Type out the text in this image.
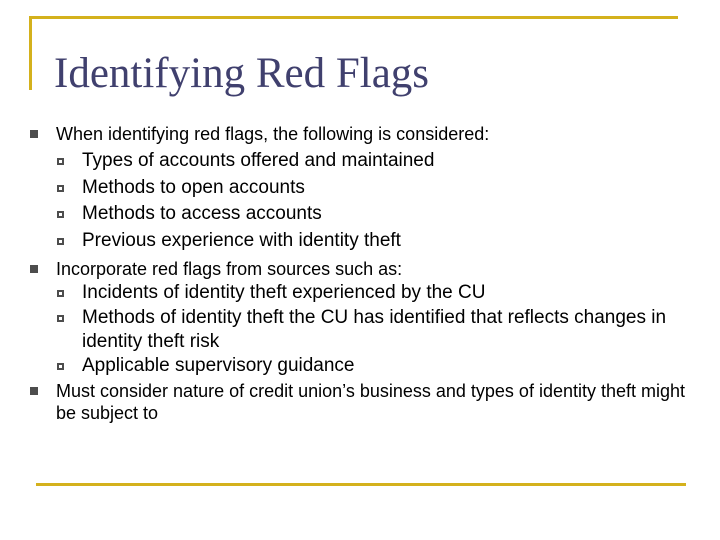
Identifying Red Flags
When identifying red flags, the following is considered:
Types of accounts offered and maintained
Methods to open accounts
Methods to access accounts
Previous experience with identity theft
Incorporate red flags from sources such as:
Incidents of identity theft experienced by the CU
Methods of identity theft the CU has identified that reflects changes in identity theft risk
Applicable supervisory guidance
Must consider nature of credit union’s business and types of identity theft might be subject to
